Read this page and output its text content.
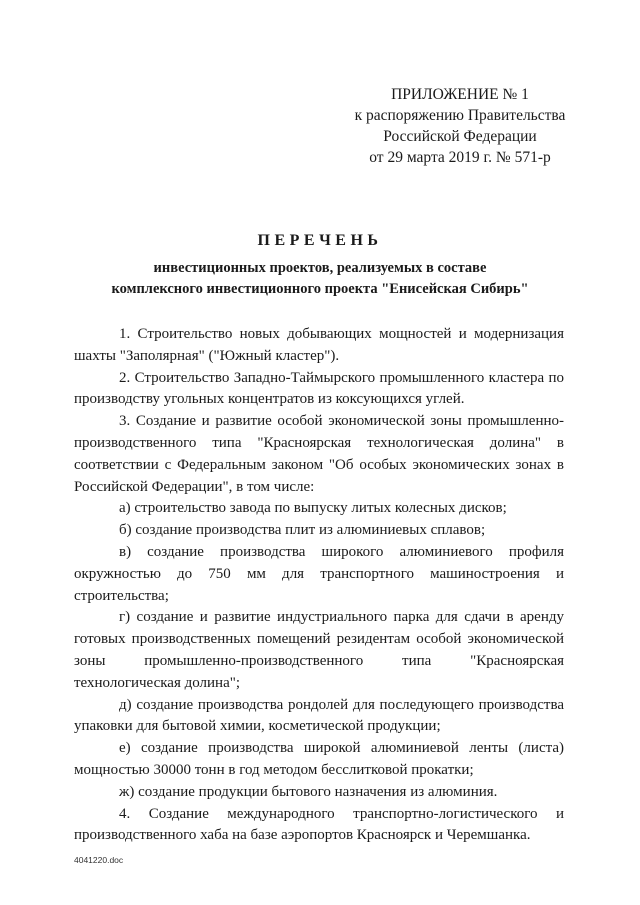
ПРИЛОЖЕНИЕ № 1
к распоряжению Правительства
Российской Федерации
от 29 марта 2019 г. № 571-р
ПЕРЕЧЕНЬ
инвестиционных проектов, реализуемых в составе
комплексного инвестиционного проекта "Енисейская Сибирь"

1. Строительство новых добывающих мощностей и модернизация шахты "Заполярная" ("Южный кластер").

2. Строительство Западно-Таймырского промышленного кластера по производству угольных концентратов из коксующихся углей.

3. Создание и развитие особой экономической зоны промышленно-производственного типа "Красноярская технологическая долина" в соответствии с Федеральным законом "Об особых экономических зонах в Российской Федерации", в том числе:

а) строительство завода по выпуску литых колесных дисков;

б) создание производства плит из алюминиевых сплавов;

в) создание производства широкого алюминиевого профиля окружностью до 750 мм для транспортного машиностроения и строительства;

г) создание и развитие индустриального парка для сдачи в аренду готовых производственных помещений резидентам особой экономической зоны промышленно-производственного типа "Красноярская технологическая долина";

д) создание производства рондолей для последующего производства упаковки для бытовой химии, косметической продукции;

е) создание производства широкой алюминиевой ленты (листа) мощностью 30000 тонн в год методом бесслитковой прокатки;

ж) создание продукции бытового назначения из алюминия.

4. Создание международного транспортно-логистического и производственного хаба на базе аэропортов Красноярск и Черемшанка.

4041220.doc
